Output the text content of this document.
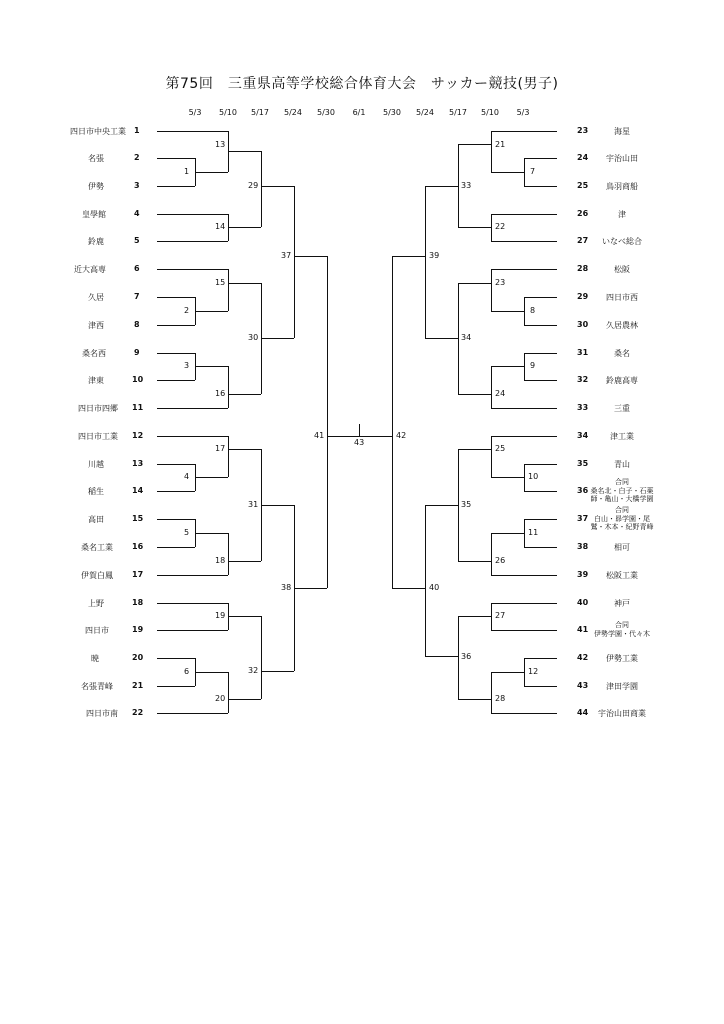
第75回　三重県高等学校総合体育大会　サッカー競技(男子)
5/3	5/10	5/17	5/24	5/30	6/1	5/30	5/24	5/17	5/10	5/3
四日市中央工業 1
名張	2
伊勢	3
皇學館	4
鈴鹿	5
近大高専	6
久居	7
津西	8
桑名西	9
津東	10
四日市四郷 11
四日市工業 12
川越	13
稲生	14
高田	15
桑名工業 16
伊賀白鳳 17
上野	18
四日市	19
暁	20
名張青峰 21
四日市南 22
23	海星
24	宇治山田
25	鳥羽商船
26	津
27	いなべ総合
28	松阪
29	四日市西
30	久居農林
31	桑名
32	鈴鹿高専
33	三重
34	津工業
35	青山
36
合同
桑名北・白子・石薬
師・亀山・大橋学園
37
合同
白山・昴学園・尾
鷲・木本・紀野青峰
38	相可
39	松阪工業
40	神戸
41	合同
伊勢学園・代々木
42	伊勢工業
43	津田学園
44	宇治山田商業
1
2
3
4
5
6
13
14
15
16
17
18
19
20
29
30
31
32
37
38
41
43
42
39
40
33
34
35
36
21
22
23
24
25
26
27
28
7
8
9
10
11
12
